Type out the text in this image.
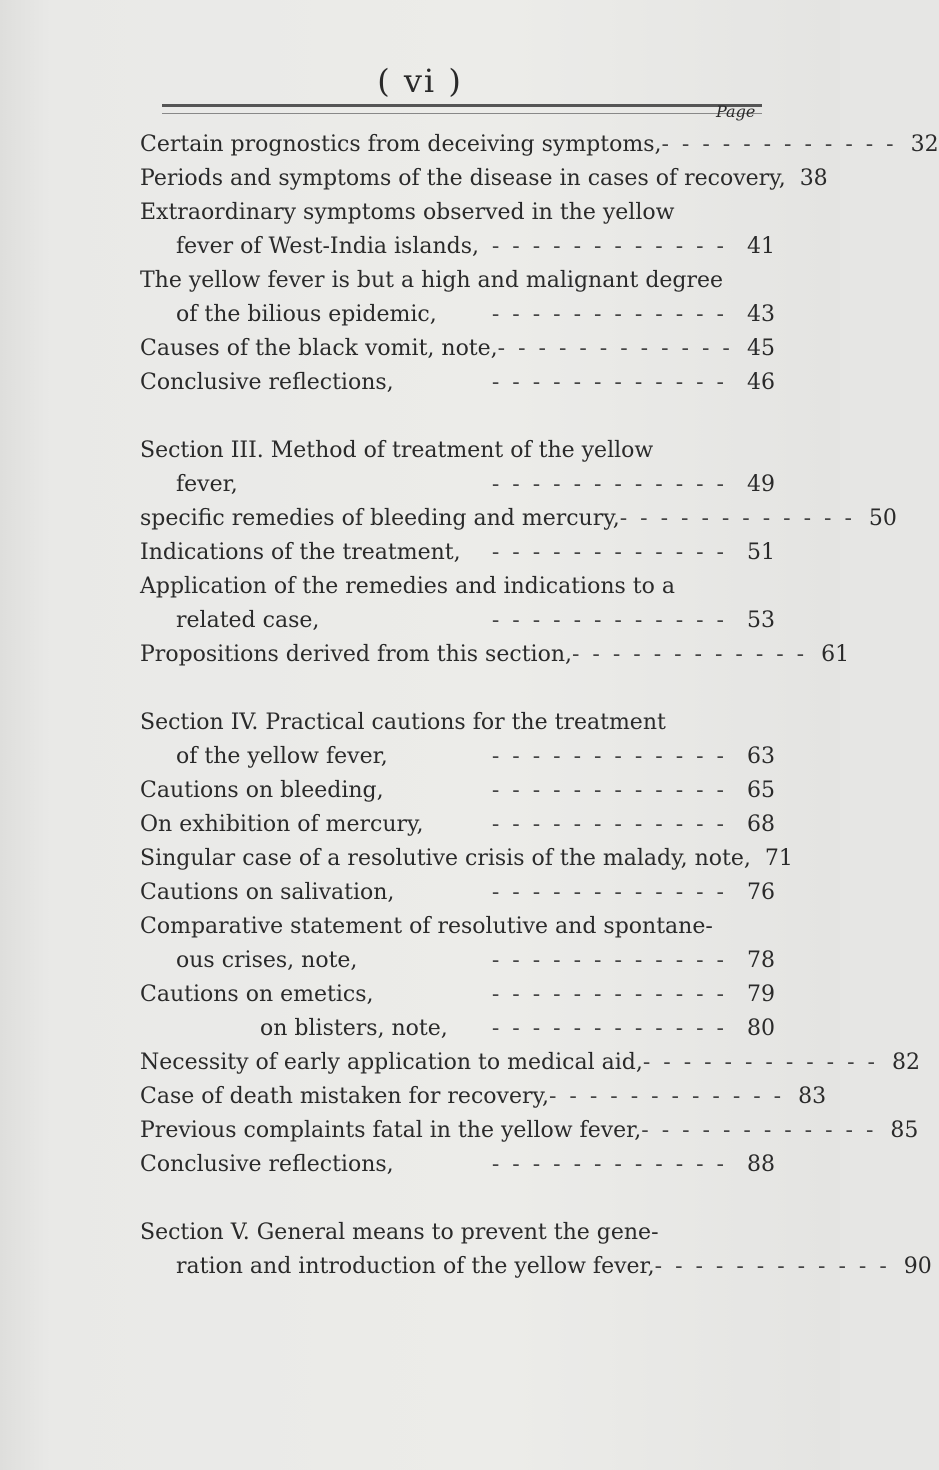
( vi )
Page
Certain prognostics from deceiving symptoms, - - - - - - - - - - - - 32
Periods and symptoms of the disease in cases of recovery, 38
Extraordinary symptoms observed in the yellow
fever of West-India islands, - - - - - - - - - - - - 41
The yellow fever is but a high and malignant degree
of the bilious epidemic,	- - - - - - - - - - - - 43
Causes of the black vomit, note, - - - - - - - - - - - - 45
Conclusive reflections,	- - - - - - - - - - - - 46
Section III. Method of treatment of the yellow
fever,	- - - - - - - - - - - - 49
specific remedies of bleeding and mercury, - - - - - - - - - - - - 50
Indications of the treatment,	- - - - - - - - - - - - 51
Application of the remedies and indications to a
related case,	- - - - - - - - - - - - 53
Propositions derived from this section, - - - - - - - - - - - - 61
Section IV. Practical cautions for the treatment
of the yellow fever,	- - - - - - - - - - - - 63
Cautions on bleeding,	- - - - - - - - - - - - 65
On exhibition of mercury,	- - - - - - - - - - - - 68
Singular case of a resolutive crisis of the malady, note, 71
Cautions on salivation,	- - - - - - - - - - - - 76
Comparative statement of resolutive and spontane-
ous crises, note,	- - - - - - - - - - - - 78
Cautions on emetics,	- - - - - - - - - - - - 79
on blisters, note,	- - - - - - - - - - - - 80
Necessity of early application to medical aid, - - - - - - - - - - - - 82
Case of death mistaken for recovery, - - - - - - - - - - - - 83
Previous complaints fatal in the yellow fever, - - - - - - - - - - - - 85
Conclusive reflections,	- - - - - - - - - - - - 88
Section V. General means to prevent the gene-
ration and introduction of the yellow fever, - - - - - - - - - - - - 90
